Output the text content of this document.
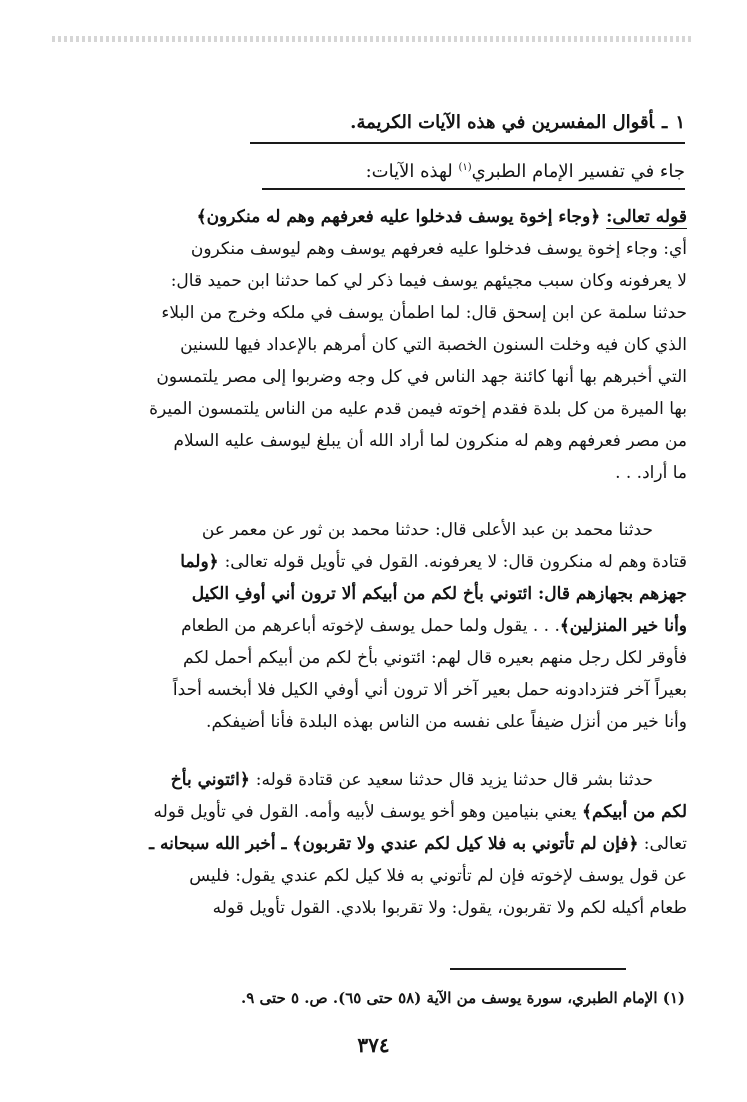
١ـأقوال المفسرين في هذه الآيات الكريمة.
جاء في تفسير الإمام الطبري$^{(١)}$ لهذه الآيات:
قوله تعالى: ﴿وجاء إخوة يوسف فدخلوا عليه فعرفهم وهم له منكرون﴾
أي: وجاء إخوة يوسف فدخلوا عليه فعرفهم يوسف وهم ليوسف منكرون
لا يعرفونه وكان سبب مجيئهم يوسف فيما ذكر لي كما حدثنا ابن حميد قال:
حدثنا سلمة عن ابن إسحق قال: لما اطمأن يوسف في ملكه وخرج من البلاء
الذي كان فيه وخلت السنون الخصبة التي كان أمرهم بالإعداد فيها للسنين
التي أخبرهم بها أنها كائنة جهد الناس في كل وجه وضربوا إلى مصر يلتمسون
بها الميرة من كل بلدة فقدم إخوته فيمن قدم عليه من الناس يلتمسون الميرة
من مصر فعرفهم وهم له منكرون لما أراد الله أن يبلغ ليوسف عليه السلام
ما أراد. . .
حدثنا محمد بن عبد الأعلى قال: حدثنا محمد بن ثور عن معمر عن
قتادة وهم له منكرون قال: لا يعرفونه. القول في تأويل قوله تعالى: ﴿ولما
جهزهم بجهازهم قال: ائتوني بأخ لكم من أبيكم ألا ترون أني أوفِ الكيل
وأنا خير المنزلين﴾. . . يقول ولما حمل يوسف لإخوته أباعرهم من الطعام
فأوقر لكل رجل منهم بعيره قال لهم: ائتوني بأخ لكم من أبيكم أحمل لكم
بعيراً آخر فتزدادونه حمل بعير آخر ألا ترون أني أوفي الكيل فلا أبخسه أحداً
وأنا خير من أنزل ضيفاً على نفسه من الناس بهذه البلدة فأنا أضيفكم.
حدثنا بشر قال حدثنا يزيد قال حدثنا سعيد عن قتادة قوله: ﴿ائتوني بأخ
لكم من أبيكم﴾ يعني بنيامين وهو أخو يوسف لأبيه وأمه. القول في تأويل قوله
تعالى: ﴿فإن لم تأتوني به فلا كيل لكم عندي ولا تقربون﴾ ـ أخبر الله سبحانه ـ
عن قول يوسف لإخوته فإن لم تأتوني به فلا كيل لكم عندي يقول: فليس
طعام أكيله لكم ولا تقربون، يقول: ولا تقربوا بلادي. القول تأويل قوله
(١) الإمام الطبري، سورة يوسف من الآية (٥٨ حتى ٦٥). ص. ٥ حتى ٩.
٣٧٤
